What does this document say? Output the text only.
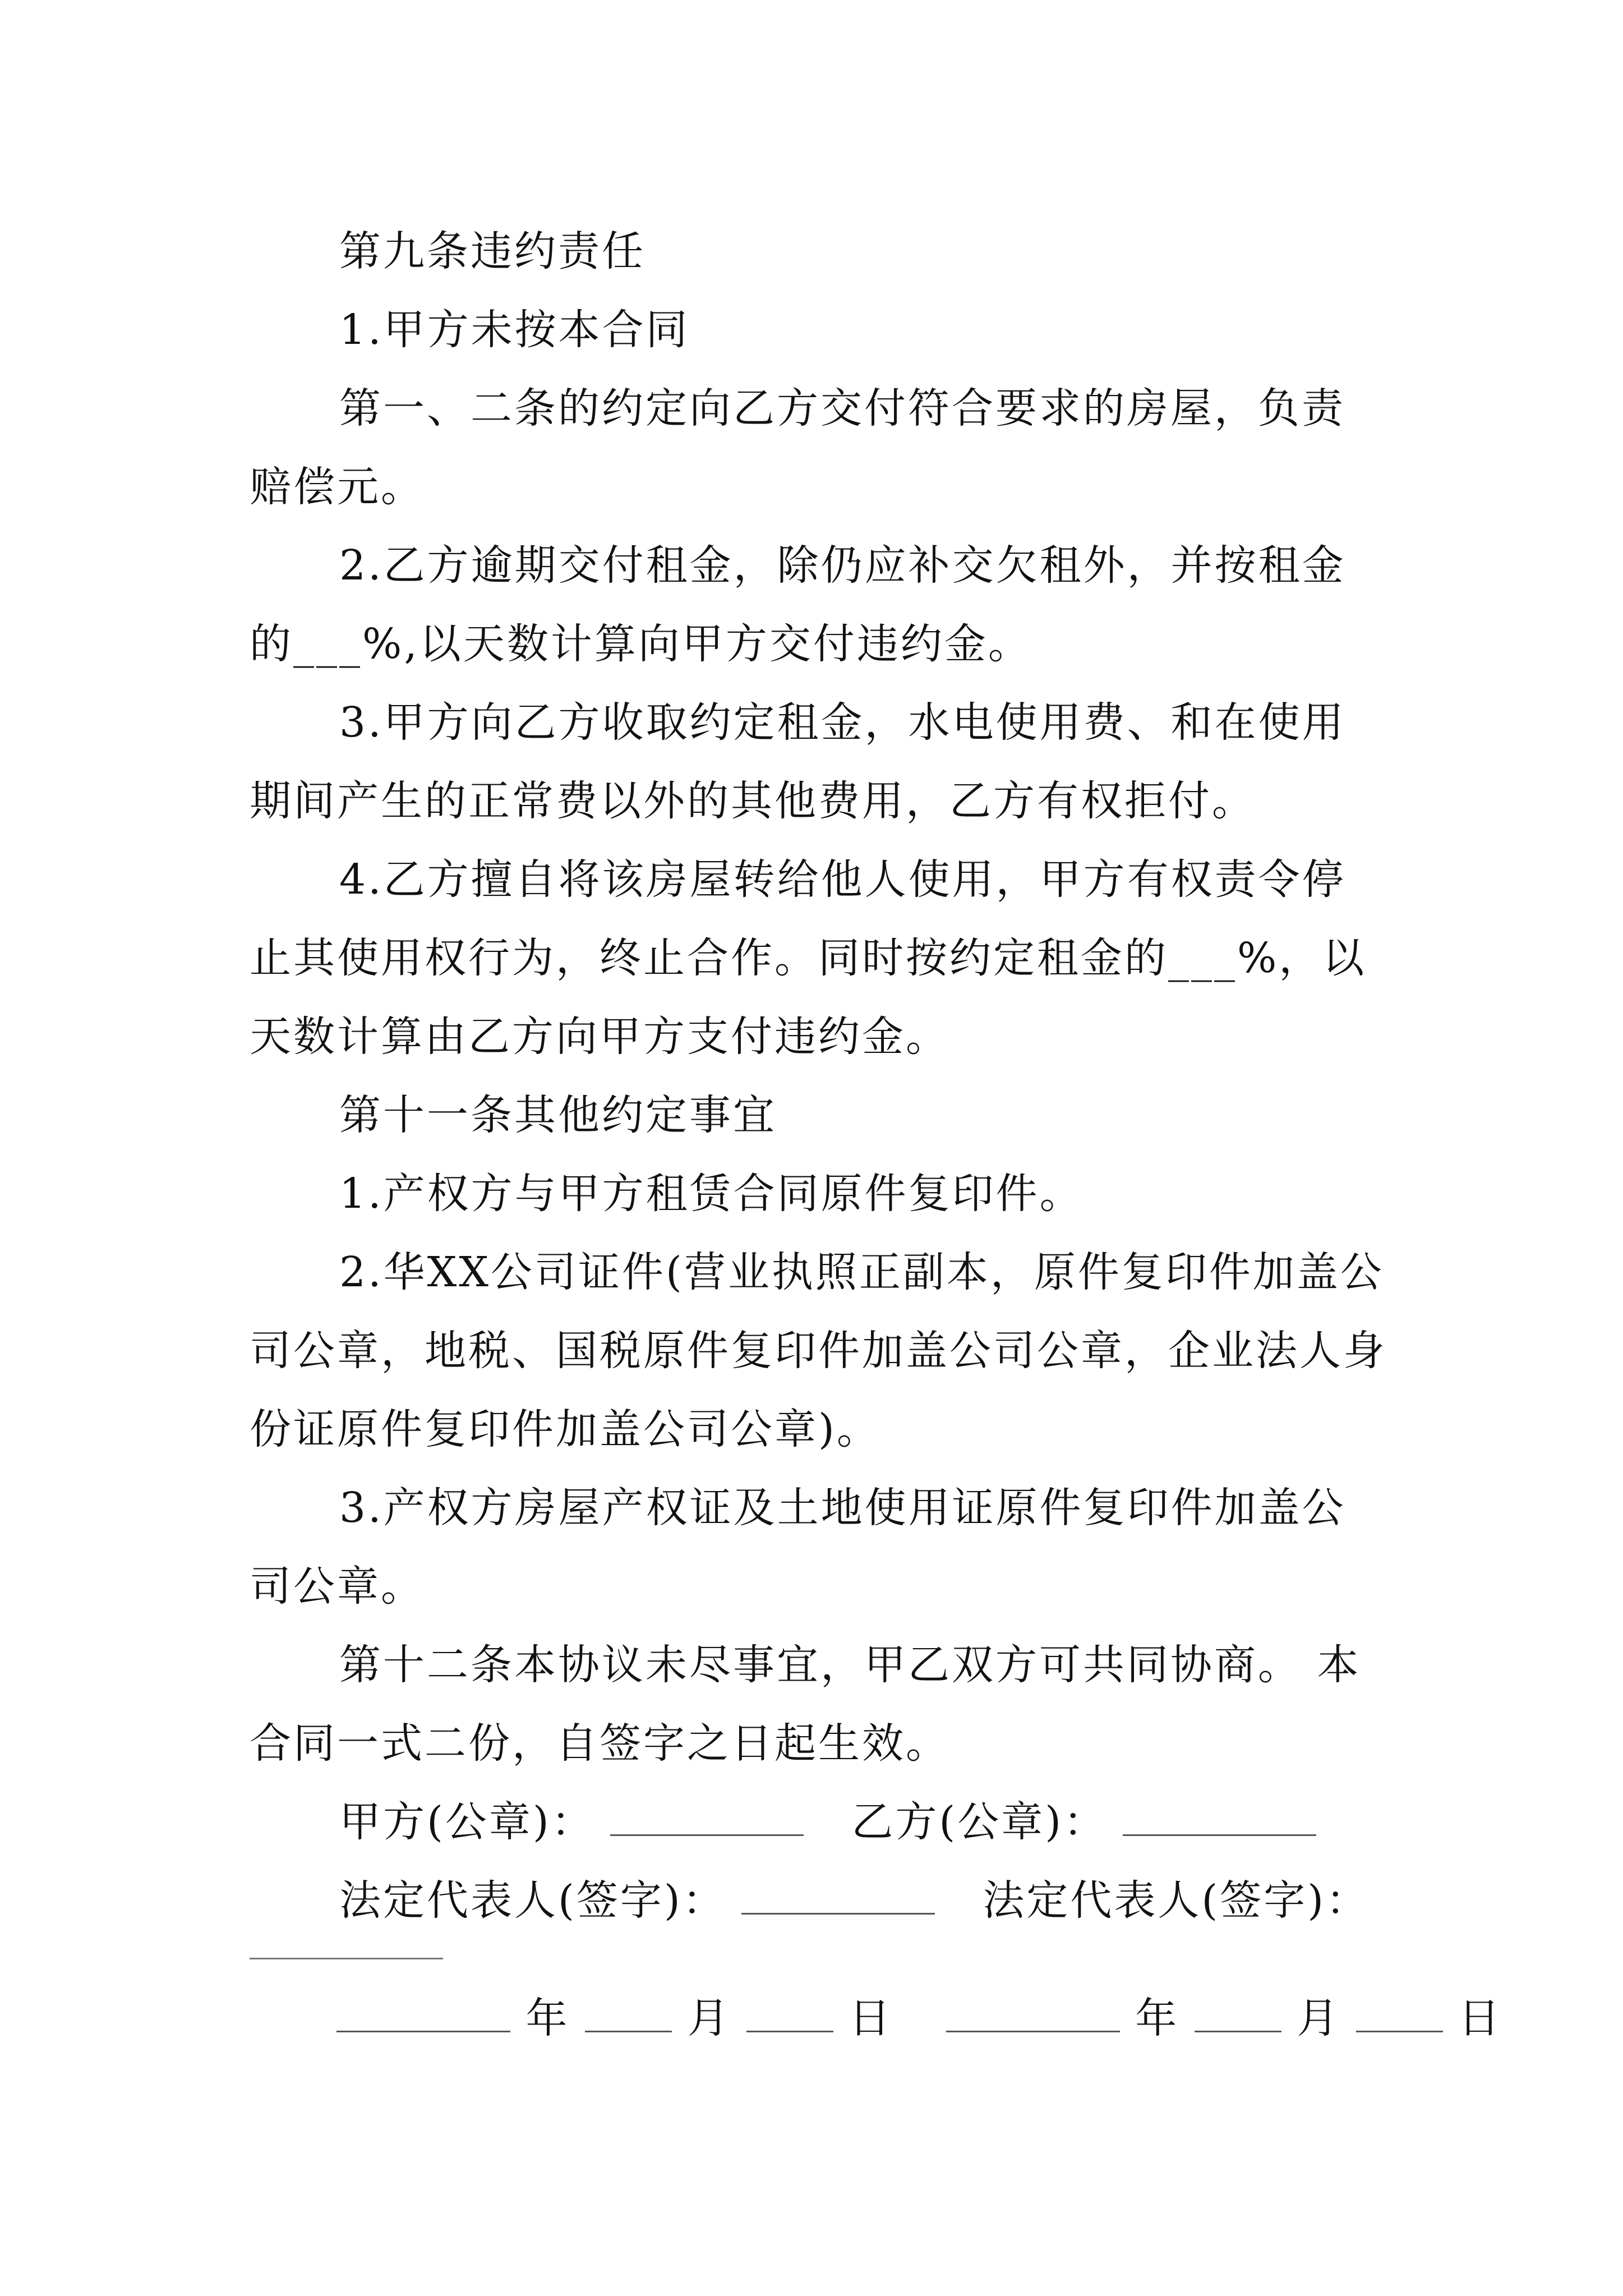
第九条违约责任

1.甲方未按本合同

第一、二条的约定向乙方交付符合要求的房屋，负责赔偿元。

2.乙方逾期交付租金，除仍应补交欠租外，并按租金的___%,以天数计算向甲方交付违约金。

3.甲方向乙方收取约定租金，水电使用费、和在使用期间产生的正常费以外的其他费用，乙方有权拒付。

4.乙方擅自将该房屋转给他人使用，甲方有权责令停止其使用权行为，终止合作。同时按约定租金的___%，以天数计算由乙方向甲方支付违约金。

第十一条其他约定事宜

1.产权方与甲方租赁合同原件复印件。

2.华XX公司证件(营业执照正副本，原件复印件加盖公司公章，地税、国税原件复印件加盖公司公章，企业法人身份证原件复印件加盖公司公章)。

3.产权方房屋产权证及土地使用证原件复印件加盖公司公章。

第十二条本协议未尽事宜，甲乙双方可共同协商。 本合同一式二份，自签字之日起生效。

甲方(公章)：	乙方(公章)：
法定代表人(签字)：	法定代表人(签字)：
年	月	日	年	月	日
